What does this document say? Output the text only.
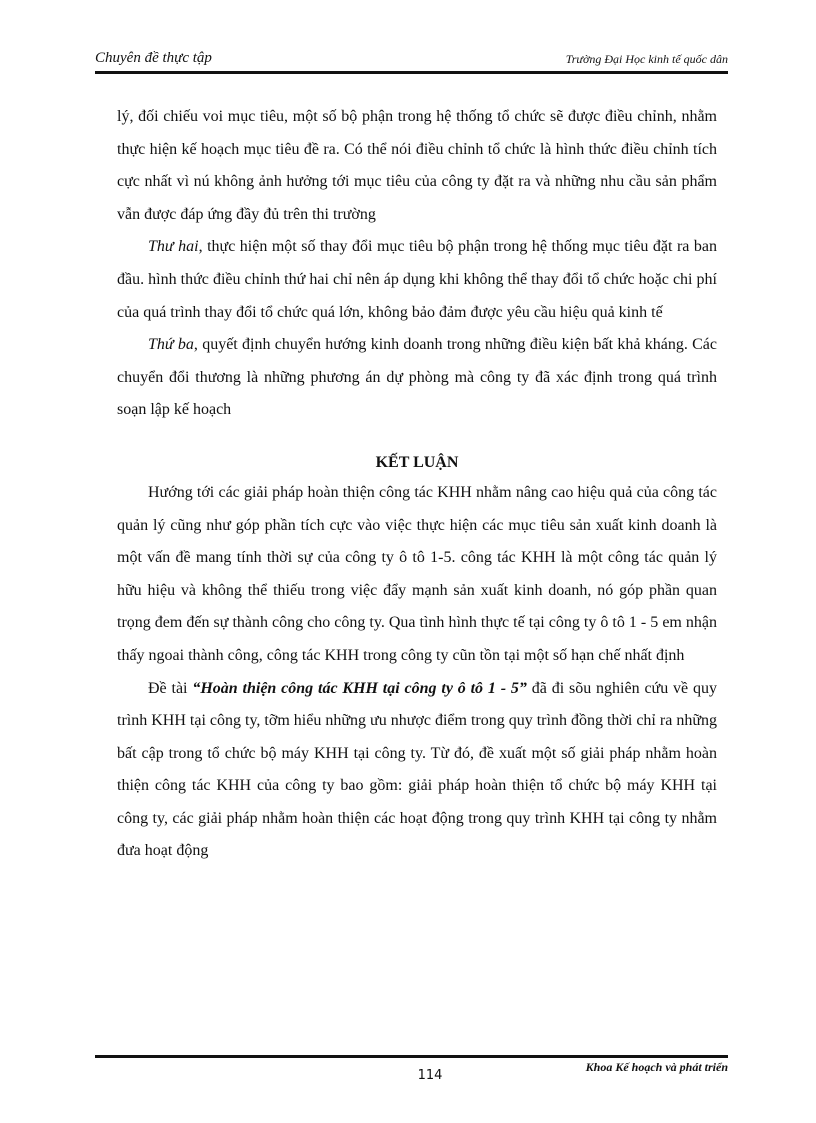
Chuyên đề thực tập	Trường Đại Học kinh tế quốc dân

lý, đối chiếu voi mục tiêu, một số bộ phận trong hệ thống tổ chức sẽ được điều chỉnh, nhằm thực hiện kế hoạch mục tiêu đề ra. Có thể nói điều chỉnh tổ chức là hình thức điều chỉnh tích cực nhất vì nú không ảnh hưởng tới mục tiêu của công ty đặt ra và những nhu cầu sản phẩm vẫn được đáp ứng đầy đủ trên thi trường

Thư hai, thực hiện một số thay đổi mục tiêu bộ phận trong hệ thống mục tiêu đặt ra ban đầu. hình thức điều chỉnh thứ hai chỉ nên áp dụng khi không thể thay đổi tổ chức hoặc chi phí của quá trình thay đổi tổ chức quá lớn, không bảo đảm được yêu cầu hiệu quả kinh tế

Thứ ba, quyết định chuyển hướng kinh doanh trong những điều kiện bất khả kháng. Các chuyển đổi thương là những phương án dự phòng mà công ty đã xác định trong quá trình soạn lập kế hoạch

KẾT LUẬN

Hướng tới các giải pháp hoàn thiện công tác KHH nhằm nâng cao hiệu quả của công tác quản lý cũng như góp phần tích cực vào việc thực hiện các mục tiêu sản xuất kinh doanh là một vấn đề mang tính thời sự của công ty ô tô 1-5. công tác KHH là một công tác quản lý hữu hiệu và không thể thiếu trong việc đẩy mạnh sản xuất kinh doanh, nó góp phần quan trọng đem đến sự thành công cho công ty. Qua tình hình thực tế tại công ty ô tô 1 - 5 em nhận thấy ngoai thành công, công tác KHH trong công ty cũn tồn tại một số hạn chế nhất định

Đề tài “Hoàn thiện công tác KHH tại công ty ô tô 1 - 5” đã đi sõu nghiên cứu về quy trình KHH tại công ty, tỡm hiểu những ưu nhược điểm trong quy trình đồng thời chỉ ra những bất cập trong tổ chức bộ máy KHH tại công ty. Từ đó, đề xuất một số giải pháp nhằm hoàn thiện công tác KHH của công ty bao gồm: giải pháp hoàn thiện tổ chức bộ máy KHH tại công ty, các giải pháp nhằm hoàn thiện các hoạt động trong quy trình KHH tại công ty nhằm đưa hoạt động

114
Khoa Kế hoạch và phát triển
